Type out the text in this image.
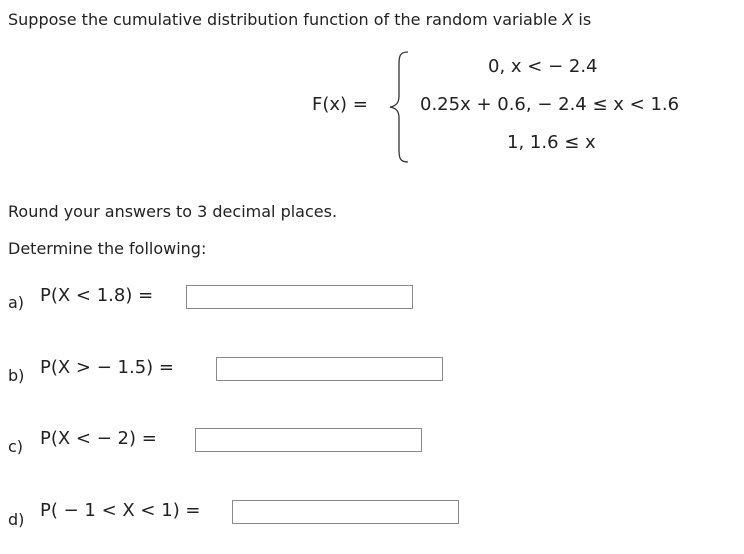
Suppose the cumulative distribution function of the random variable X is
F(x) =
0, x < − 2.4
0.25x + 0.6, − 2.4 ≤ x < 1.6
1, 1.6 ≤ x
Round your answers to 3 decimal places.
Determine the following:
a) P(X < 1.8) =
b) P(X > − 1.5) =
c) P(X < − 2) =
d) P( − 1 < X < 1) =
